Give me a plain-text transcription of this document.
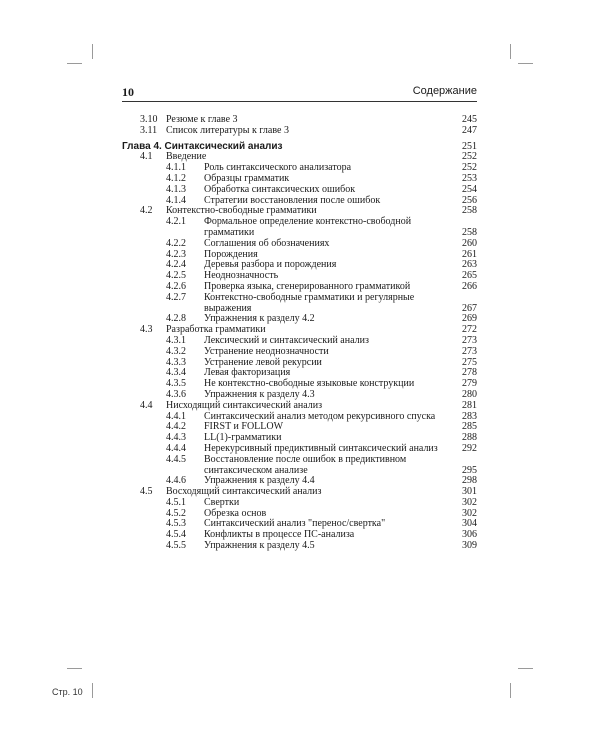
10	Содержание
3.10 Резюме к главе 3	245
3.11 Список литературы к главе 3	247
Глава 4. Синтаксический анализ	251
4.1 Введение	252
4.1.1 Роль синтаксического анализатора	252
4.1.2 Образцы грамматик	253
4.1.3 Обработка синтаксических ошибок	254
4.1.4 Стратегии восстановления после ошибок	256
4.2 Контекстно-свободные грамматики	258
4.2.1 Формальное определение контекстно-свободной грамматики	258
4.2.2 Соглашения об обозначениях	260
4.2.3 Порождения	261
4.2.4 Деревья разбора и порождения	263
4.2.5 Неоднозначность	265
4.2.6 Проверка языка, сгенерированного грамматикой	266
4.2.7 Контекстно-свободные грамматики и регулярные выражения	267
4.2.8 Упражнения к разделу 4.2	269
4.3 Разработка грамматики	272
4.3.1 Лексический и синтаксический анализ	273
4.3.2 Устранение неоднозначности	273
4.3.3 Устранение левой рекурсии	275
4.3.4 Левая факторизация	278
4.3.5 Не контекстно-свободные языковые конструкции	279
4.3.6 Упражнения к разделу 4.3	280
4.4 Нисходящий синтаксический анализ	281
4.4.1 Синтаксический анализ методом рекурсивного спуска	283
4.4.2 FIRST и FOLLOW	285
4.4.3 LL(1)-грамматики	288
4.4.4 Нерекурсивный предиктивный синтаксический анализ 292
4.4.5 Восстановление после ошибок в предиктивном синтаксическом анализе	295
4.4.6 Упражнения к разделу 4.4	298
4.5 Восходящий синтаксический анализ	301
4.5.1 Свертки	302
4.5.2 Обрезка основ	302
4.5.3 Синтаксический анализ "перенос/свертка"	304
4.5.4 Конфликты в процессе ПС-анализа	306
4.5.5 Упражнения к разделу 4.5	309
Стр. 10
